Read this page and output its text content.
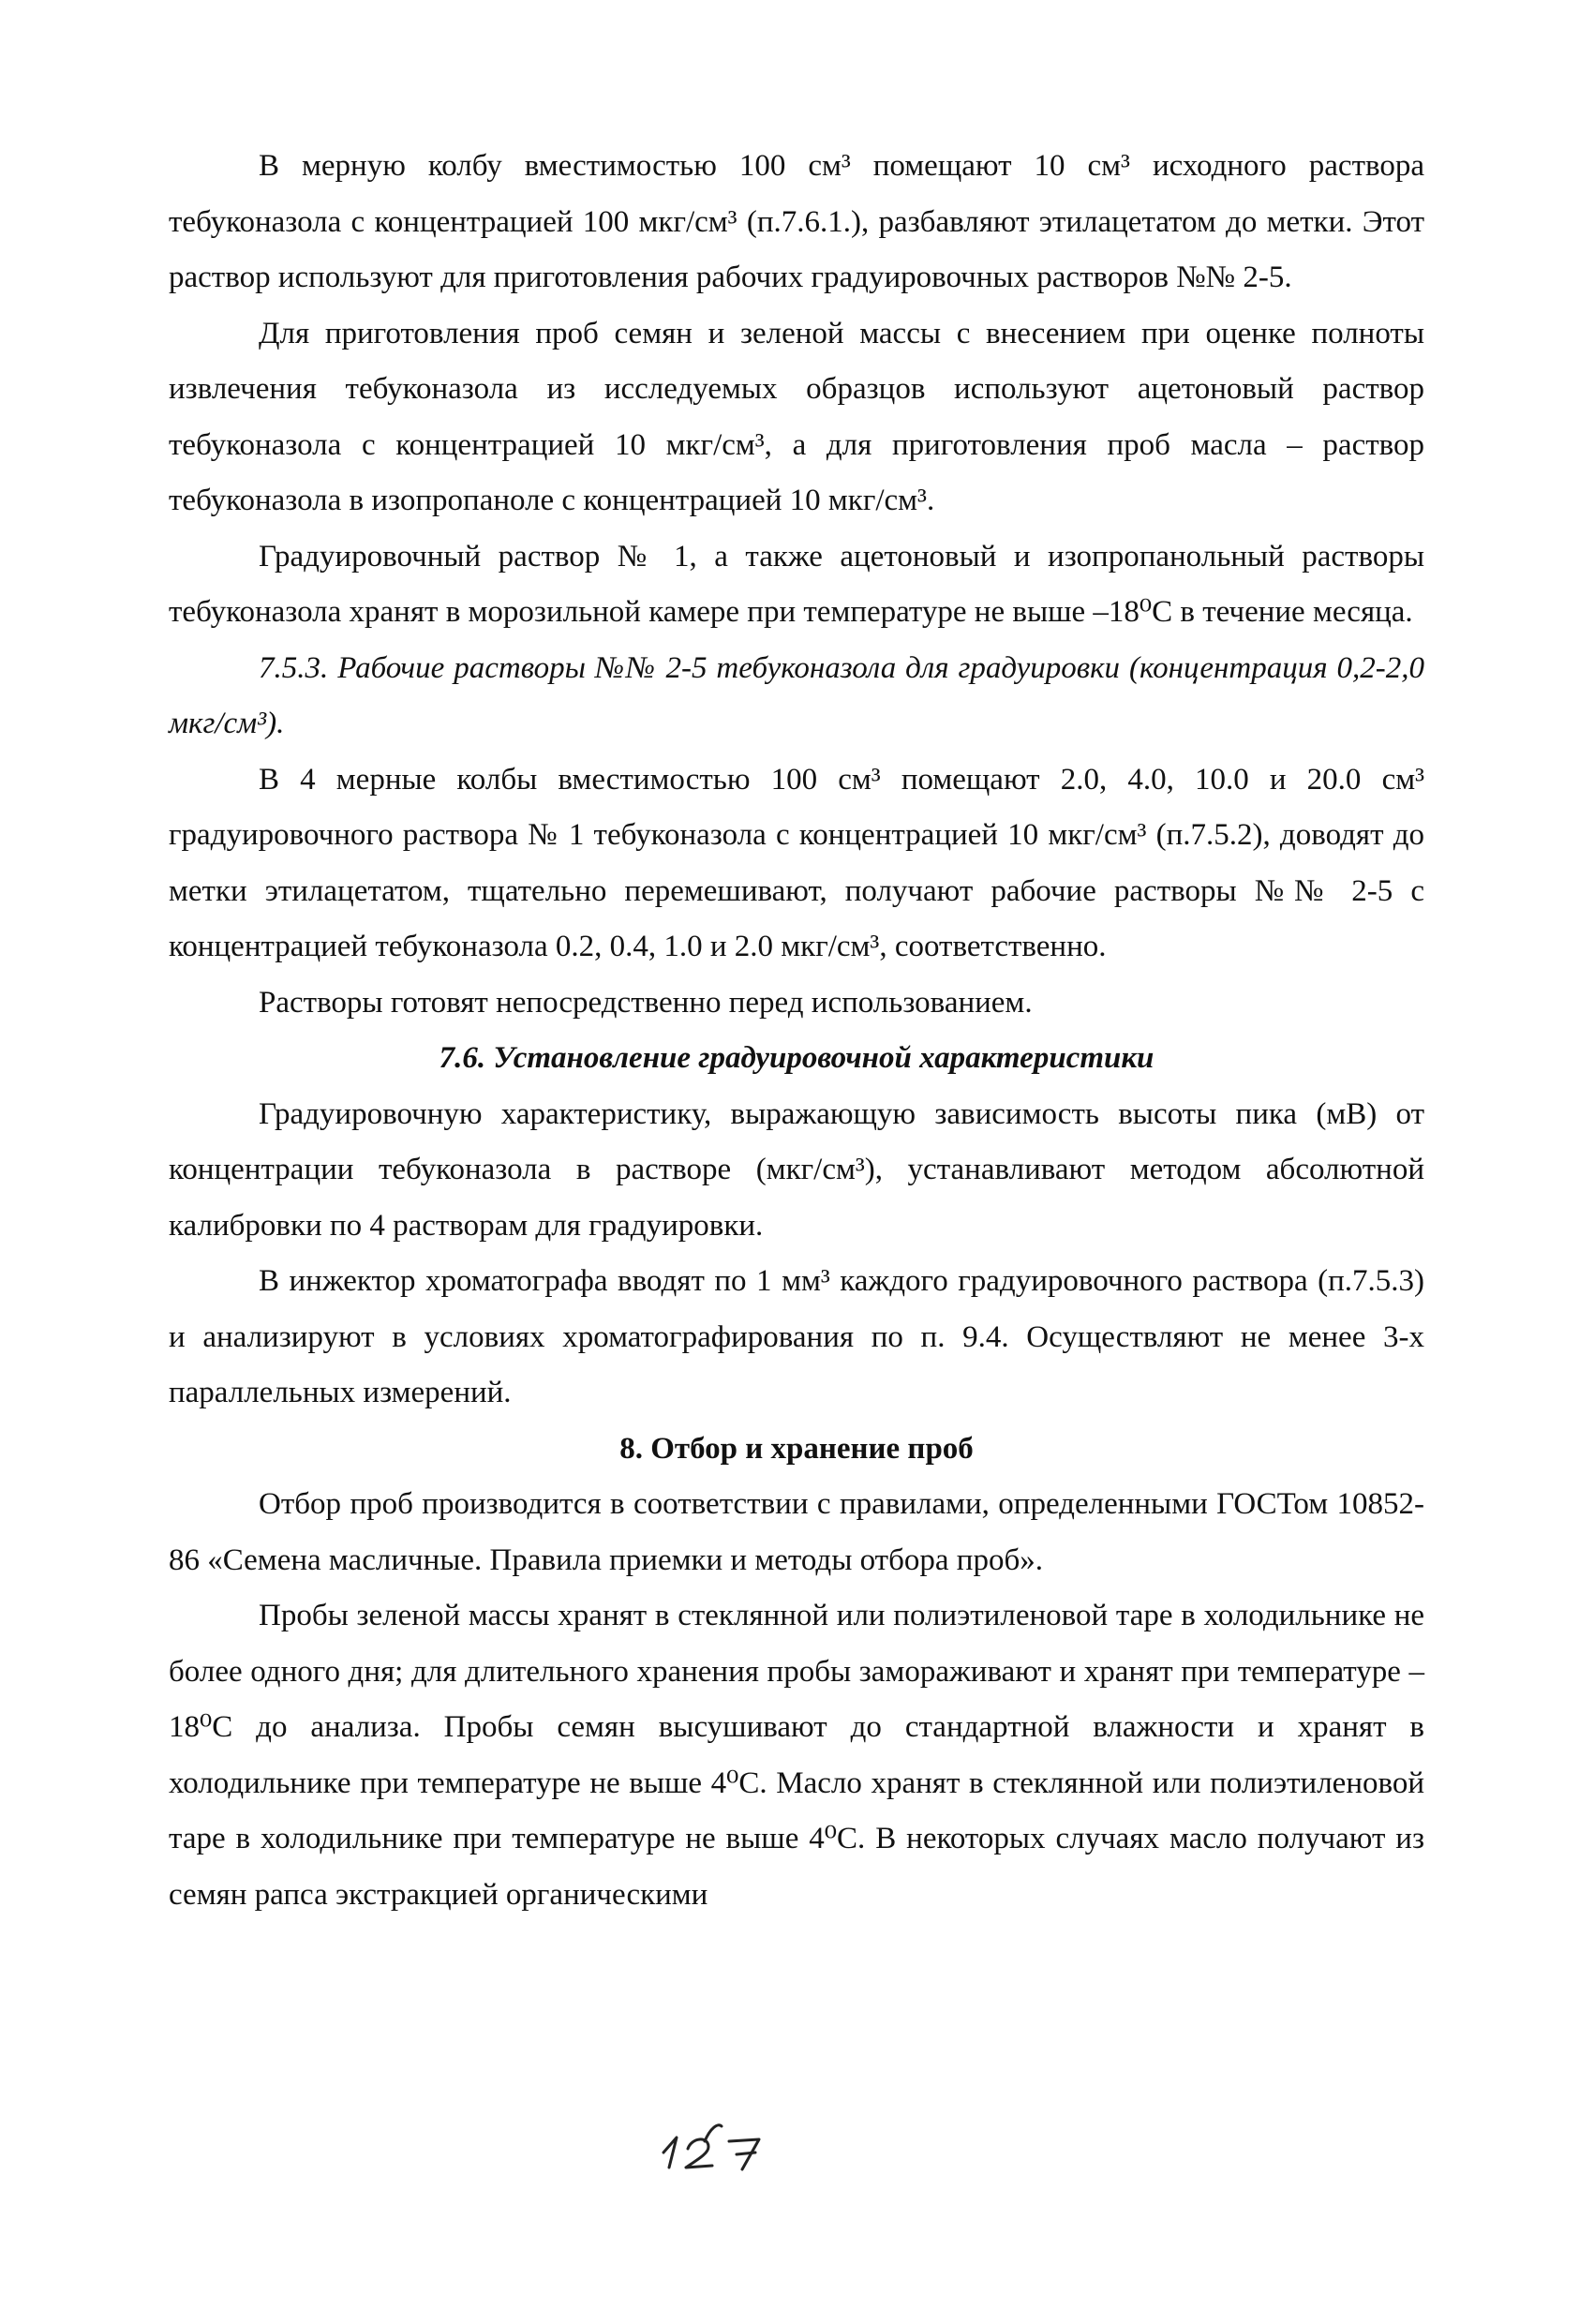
В мерную колбу вместимостью 100 см³ помещают 10 см³ исходного раствора тебуконазола с концентрацией 100 мкг/см³ (п.7.6.1.), разбавляют этилацетатом до метки. Этот раствор используют для приготовления рабочих градуировочных растворов №№ 2-5.

Для приготовления проб семян и зеленой массы с внесением при оценке полноты извлечения тебуконазола из исследуемых образцов используют ацетоновый раствор тебуконазола с концентрацией 10 мкг/см³, а для приготовления проб масла – раствор тебуконазола в изопропаноле с концентрацией 10 мкг/см³.

Градуировочный раствор № 1, а также ацетоновый и изопропанольный растворы тебуконазола хранят в морозильной камере при температуре не выше –18⁰С в течение месяца.

7.5.3. Рабочие растворы №№ 2-5 тебуконазола для градуировки (концентрация 0,2-2,0 мкг/см³).

В 4 мерные колбы вместимостью 100 см³ помещают 2.0, 4.0, 10.0 и 20.0 см³ градуировочного раствора № 1 тебуконазола с концентрацией 10 мкг/см³ (п.7.5.2), доводят до метки этилацетатом, тщательно перемешивают, получают рабочие растворы №№ 2-5 с концентрацией тебуконазола 0.2, 0.4, 1.0 и 2.0 мкг/см³, соответственно.

Растворы готовят непосредственно перед использованием.

7.6. Установление градуировочной характеристики

Градуировочную характеристику, выражающую зависимость высоты пика (мВ) от концентрации тебуконазола в растворе (мкг/см³), устанавливают методом абсолютной калибровки по 4 растворам для градуировки.

В инжектор хроматографа вводят по 1 мм³ каждого градуировочного раствора (п.7.5.3) и анализируют в условиях хроматографирования по п. 9.4. Осуществляют не менее 3-х параллельных измерений.

8. Отбор и хранение проб

Отбор проб производится в соответствии с правилами, определенными ГОСТом 10852-86 «Семена масличные. Правила приемки и методы отбора проб».

Пробы зеленой массы хранят в стеклянной или полиэтиленовой таре в холодильнике не более одного дня; для длительного хранения пробы замораживают и хранят при температуре –18⁰С до анализа. Пробы семян высушивают до стандартной влажности и хранят в холодильнике при температуре не выше 4⁰С. Масло хранят в стеклянной или полиэтиленовой таре в холодильнике при температуре не выше 4⁰С. В некоторых случаях масло получают из семян рапса экстракцией органическими
